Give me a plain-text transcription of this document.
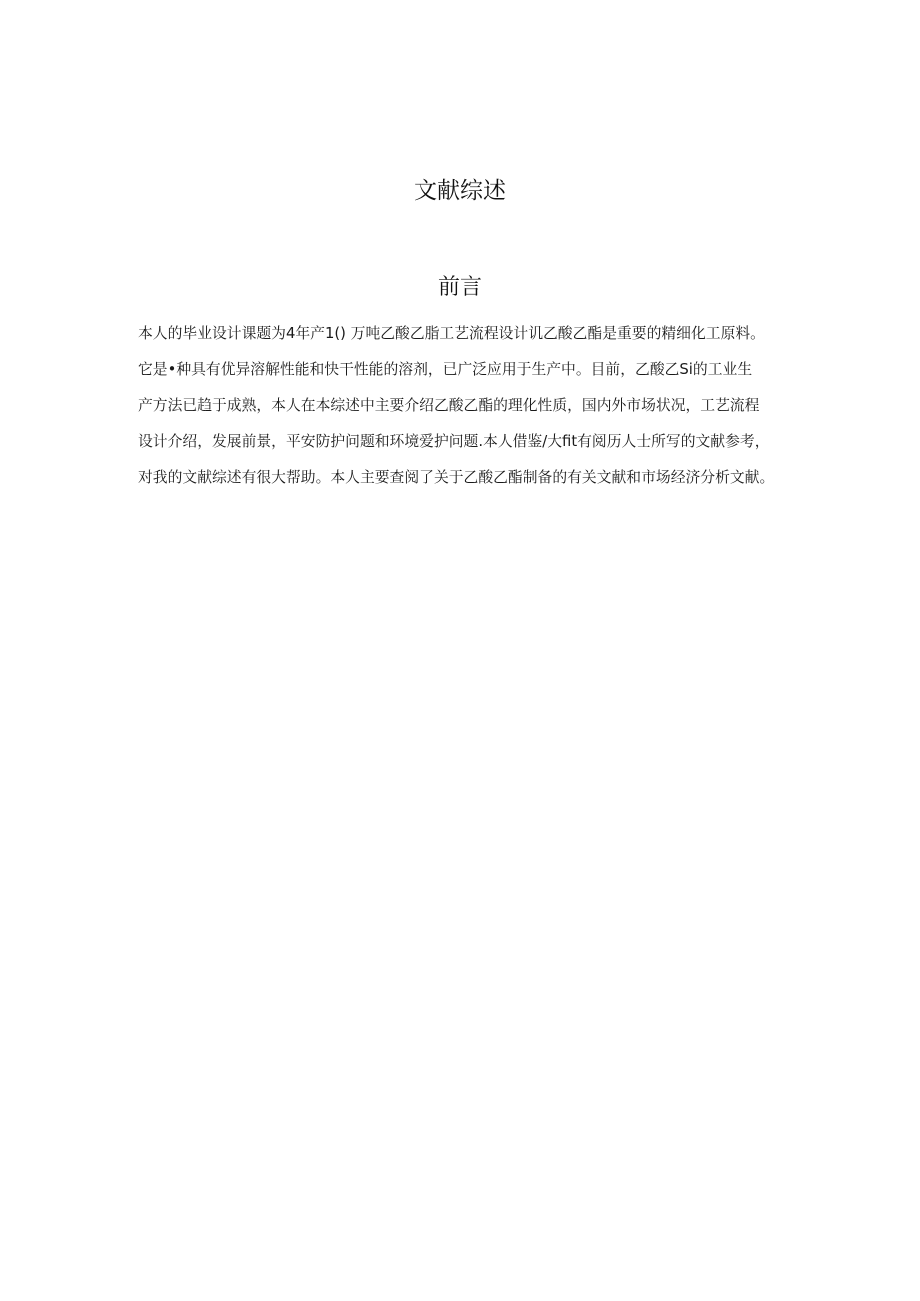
文献综述
前言
本人的毕业设计课题为4年产1() 万吨乙酸乙脂工艺流程设计讥乙酸乙酯是重要的精细化工原料。
它是•种具有优异溶解性能和快干性能的溶剂，已广泛应用于生产中。目前，乙酸乙Si的工业生
产方法已趋于成熟，本人在本综述中主要介绍乙酸乙酯的理化性质，国内外市场状况，工艺流程
设计介绍，发展前景，平安防护问题和环境爱护问题.本人借鉴/大fit有阅历人士所写的文献参考，
对我的文献综述有很大帮助。本人主要查阅了关于乙酸乙酯制备的有关文献和市场经济分析文献。
